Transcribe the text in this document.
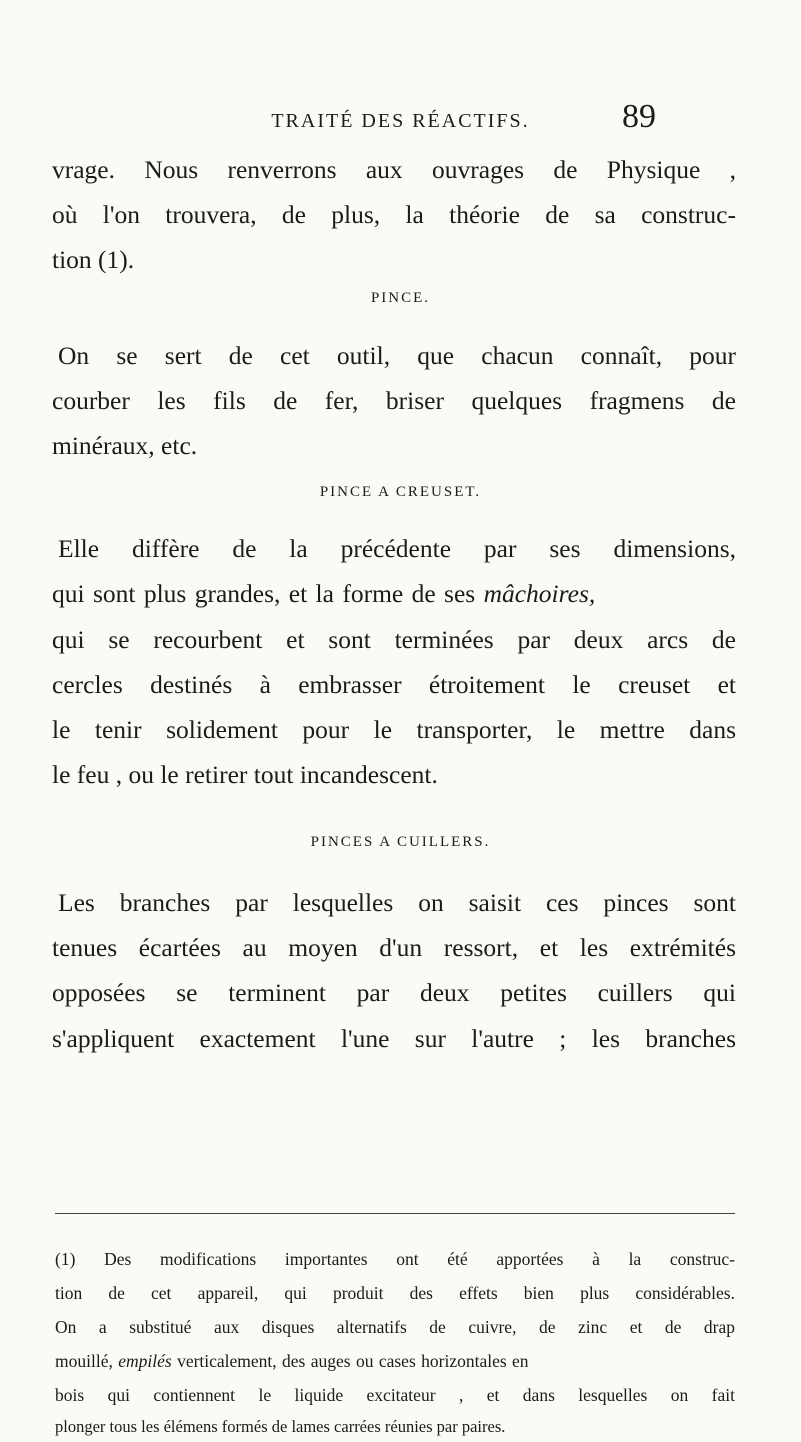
TRAITÉ DES RÉACTIFS.	89
vrage. Nous renverrons aux ouvrages de Physique ,
où l'on trouvera, de plus, la théorie de sa construc-
tion (1).
PINCE.
On se sert de cet outil, que chacun connaît, pour
courber les fils de fer, briser quelques fragmens de
minéraux, etc.
PINCE A CREUSET.
Elle diffère de la précédente par ses dimensions,
qui sont plus grandes, et la forme de ses mâchoires,
qui se recourbent et sont terminées par deux arcs de
cercles destinés à embrasser étroitement le creuset et
le tenir solidement pour le transporter, le mettre dans
le feu , ou le retirer tout incandescent.
PINCES A CUILLERS.
Les branches par lesquelles on saisit ces pinces sont
tenues écartées au moyen d'un ressort, et les extrémités
opposées se terminent par deux petites cuillers qui
s'appliquent exactement l'une sur l'autre ; les branches
(1) Des modifications importantes ont été apportées à la construc-
tion de cet appareil, qui produit des effets bien plus considérables.
On a substitué aux disques alternatifs de cuivre, de zinc et de drap
mouillé, empilés verticalement, des auges ou cases horizontales en
bois qui contiennent le liquide excitateur , et dans lesquelles on fait
plonger tous les élémens formés de lames carrées réunies par paires.
